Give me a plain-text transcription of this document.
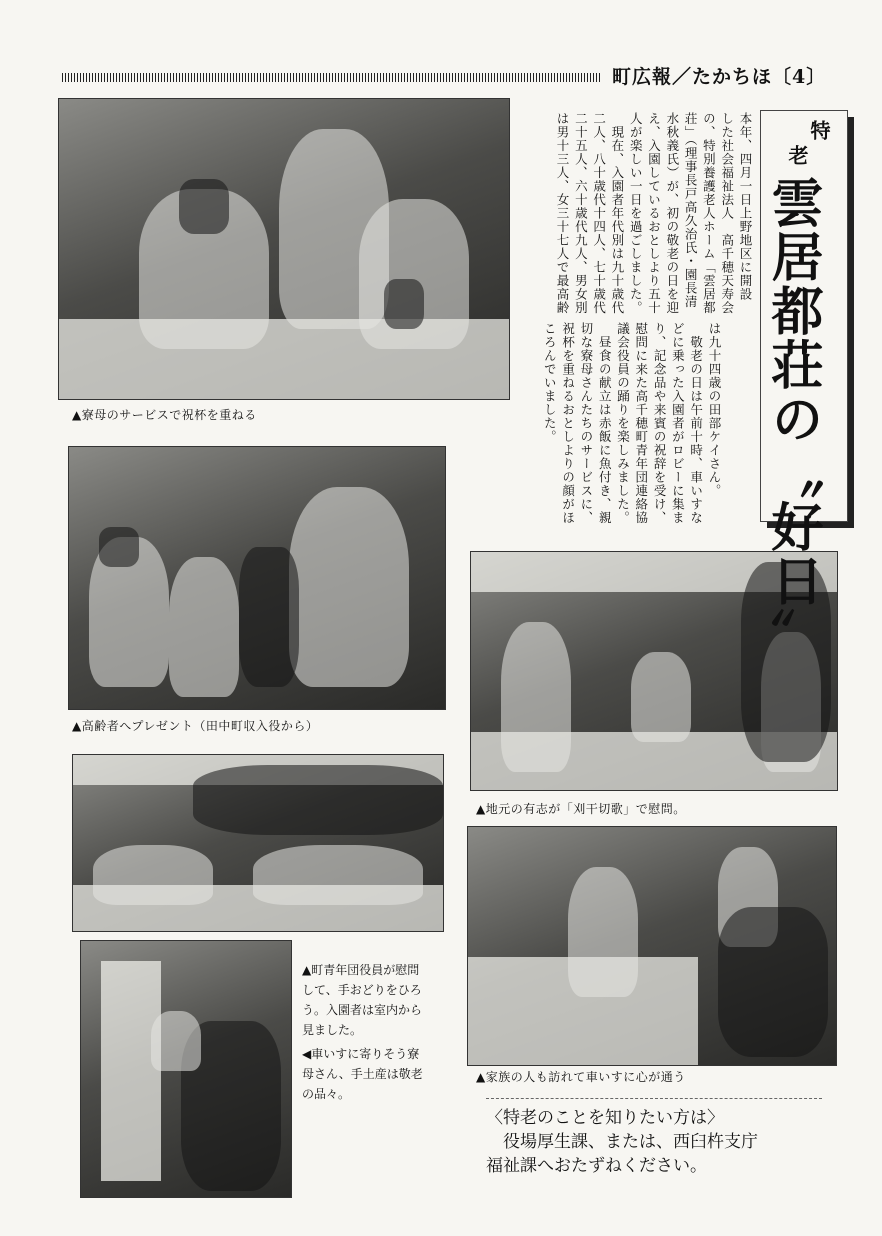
町広報／たかちほ〔4〕
▲寮母のサービスで祝杯を重ねる
▲高齢者へプレゼント（田中町収入役から）
▲地元の有志が「刈干切歌」で慰問。
▲家族の人も訪れて車いすに心が通う

▲町青年団役員が慰問
して、手おどりをひろ
う。入園者は室内から
見ました。

◀車いすに寄りそう寮
母さん、手土産は敬老
の品々。

本年、四月一日上野地区に開設
した社会福祉法人　高千穂天寿会
の、特別養護老人ホーム「雲居都
荘」（理事長戸高久治氏・園長清
水秋義氏）が、初の敬老の日を迎
え、入園しているおとしより五十
人が楽しい一日を過ごしました。
　現在、入園者年代別は九十歳代
二人、八十歳代十四人、七十歳代
二十五人、六十歳代九人、男女別
は男十三人、女三十七人で最高齢
は九十四歳の田部ケイさん。
　敬老の日は午前十時、車いすな
どに乗った入園者がロビーに集ま
り、記念品や来賓の祝辞を受け、
慰問に来た高千穂町青年団連絡協
議会役員の踊りを楽しみました。
　昼食の献立は赤飯に魚付き、親
切な寮母さんたちのサービスに、
祝杯を重ねるおとしよりの顔がほ
ころんでいました。
特
老
雲居都荘の〝好日〟

〈特老のことを知りたい方は〉
　役場厚生課、または、西臼杵支庁
福祉課へおたずねください。
